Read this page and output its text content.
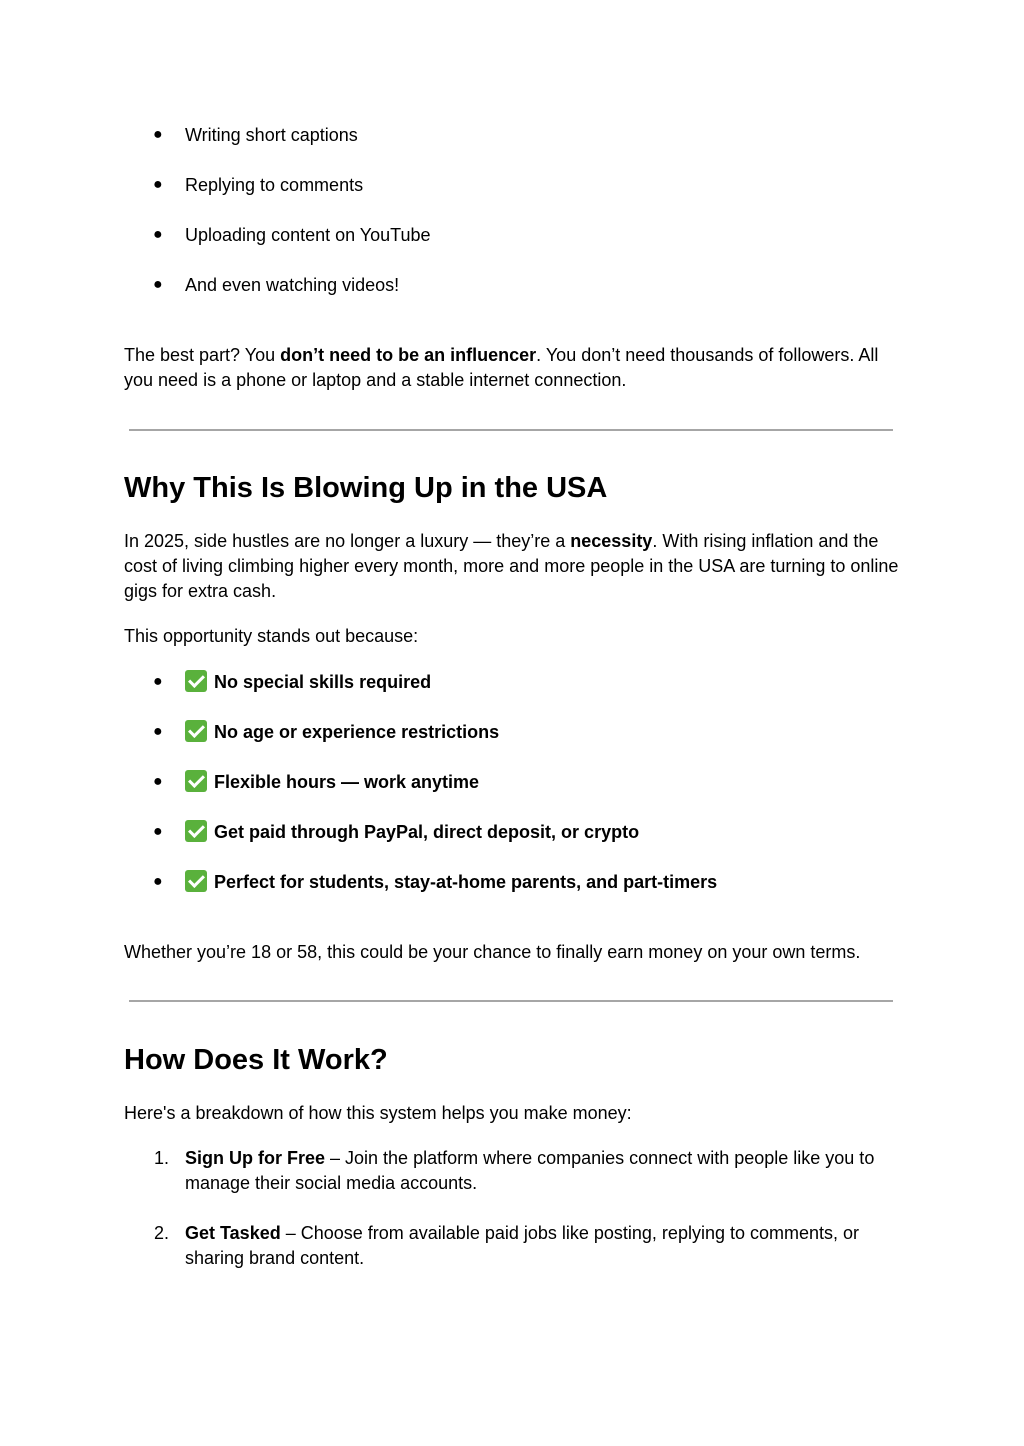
●	Writing short captions
●	Replying to comments
●	Uploading content on YouTube
●	And even watching videos!

The best part? You don’t need to be an influencer. You don’t need thousands of followers. All you need is a phone or laptop and a stable internet connection.

Why This Is Blowing Up in the USA

In 2025, side hustles are no longer a luxury — they’re a necessity. With rising inflation and the cost of living climbing higher every month, more and more people in the USA are turning to online gigs for extra cash.

This opportunity stands out because:

●	No special skills required
●	No age or experience restrictions
●	Flexible hours — work anytime
●	Get paid through PayPal, direct deposit, or crypto
●	Perfect for students, stay-at-home parents, and part-timers

Whether you’re 18 or 58, this could be your chance to finally earn money on your own terms.

How Does It Work?

Here's a breakdown of how this system helps you make money:

1. Sign Up for Free – Join the platform where companies connect with people like you to manage their social media accounts.
2. Get Tasked – Choose from available paid jobs like posting, replying to comments, or sharing brand content.
